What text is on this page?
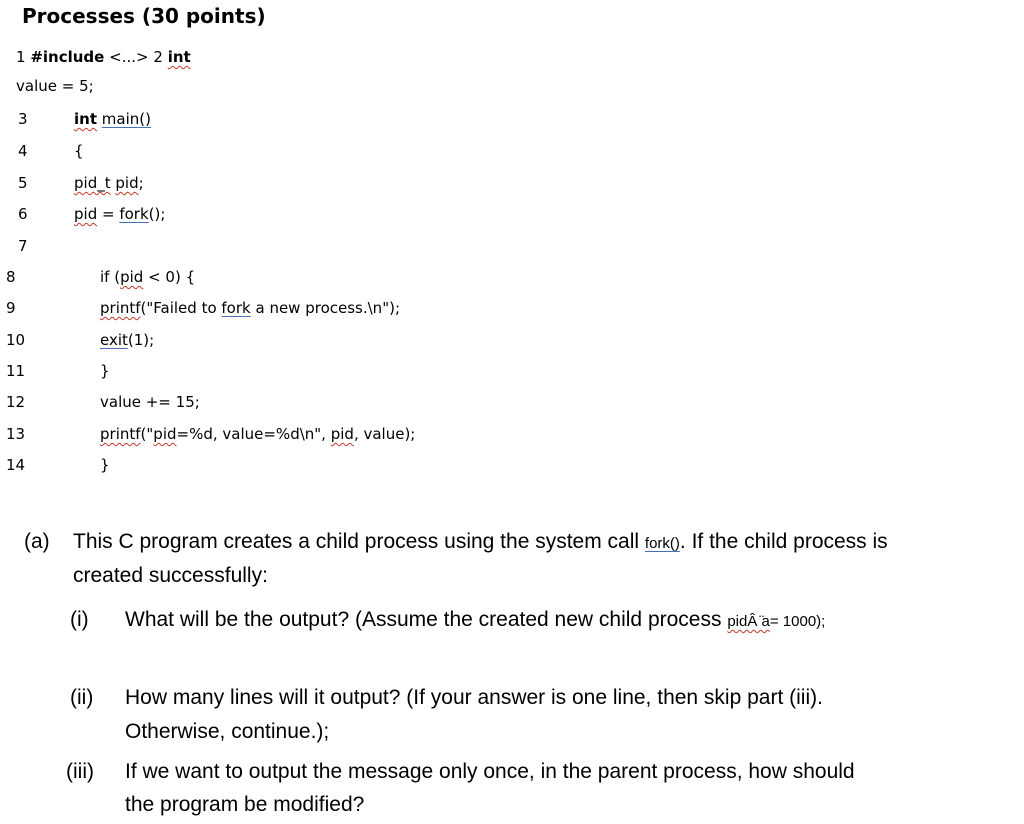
Processes (30 points)
1 #include <...> 2 int
value = 5;
3
4
5
6
7
8
9
10
11
12
13
14
int main()
{
pid_t pid;
pid = fork();
if (pid < 0) {
printf("Failed to fork a new process.\n");
exit(1);
}
value += 15;
printf("pid=%d, value=%d\n", pid, value);
}
(a) This C program creates a child process using the system call fork(). If the child process is
created successfully:
(i) What will be the output? (Assume the created new child process pidÂ ̈a= 1000);
(ii) How many lines will it output? (If your answer is one line, then skip part (iii).
Otherwise, continue.);
(iii) If we want to output the message only once, in the parent process, how should
the program be modified?
